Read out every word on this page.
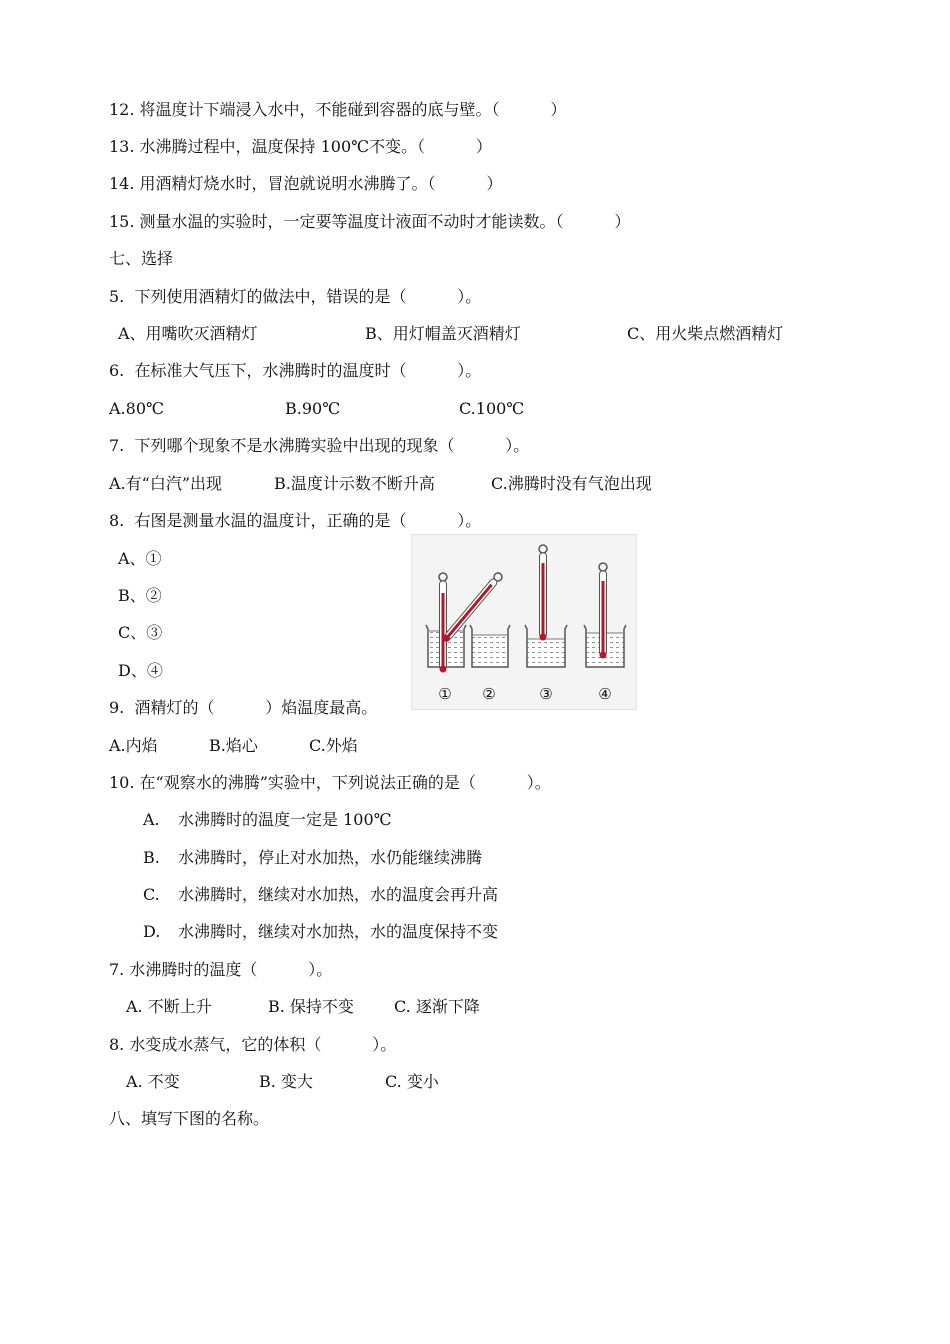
12. 将温度计下端浸入水中，不能碰到容器的底与壁。（          ）
13. 水沸腾过程中，温度保持 100℃不变。（          ）
14. 用酒精灯烧水时，冒泡就说明水沸腾了。（          ）
15. 测量水温的实验时，一定要等温度计液面不动时才能读数。（          ）
七、选择
5.  下列使用酒精灯的做法中，错误的是（          ）。
A、用嘴吹灭酒精灯	B、用灯帽盖灭酒精灯	C、用火柴点燃酒精灯
6.  在标准大气压下，水沸腾时的温度时（          ）。
A.80℃	B.90℃	C.100℃
7.  下列哪个现象不是水沸腾实验中出现的现象（          ）。
A.有“白汽”出现	B.温度计示数不断升高	C.沸腾时没有气泡出现
8.  右图是测量水温的温度计，正确的是（          ）。
A、①
B、②
C、③
D、④
① ②	③	④
9.  酒精灯的（          ）焰温度最高。
A.内焰	B.焰心	C.外焰
10. 在“观察水的沸腾”实验中，下列说法正确的是（          ）。
A. 水沸腾时的温度一定是 100℃
B. 水沸腾时，停止对水加热，水仍能继续沸腾
C. 水沸腾时，继续对水加热，水的温度会再升高
D. 水沸腾时，继续对水加热，水的温度保持不变
7. 水沸腾时的温度（          ）。
A. 不断上升	B. 保持不变	C. 逐渐下降
8. 水变成水蒸气，它的体积（          ）。
A. 不变	B. 变大	C. 变小
八、填写下图的名称。
